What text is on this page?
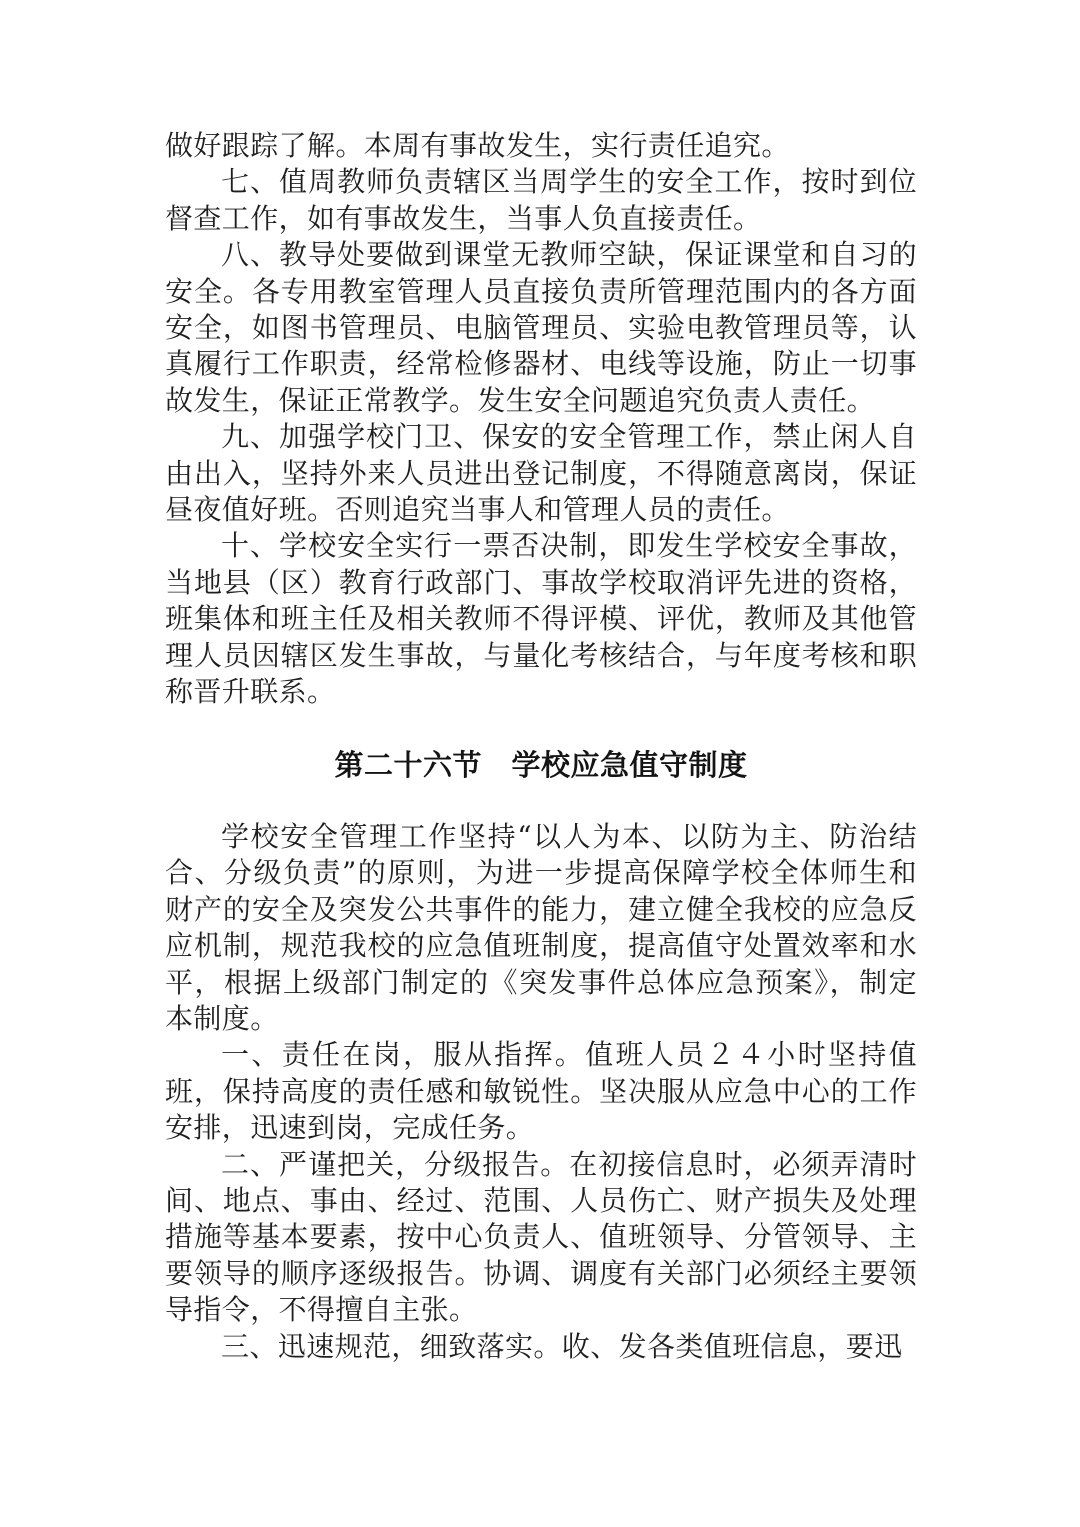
做好跟踪了解。本周有事故发生，实行责任追究。

七、值周教师负责辖区当周学生的安全工作，按时到位督查工作，如有事故发生，当事人负直接责任。

八、教导处要做到课堂无教师空缺，保证课堂和自习的安全。各专用教室管理人员直接负责所管理范围内的各方面安全，如图书管理员、电脑管理员、实验电教管理员等，认真履行工作职责，经常检修器材、电线等设施，防止一切事故发生，保证正常教学。发生安全问题追究负责人责任。

九、加强学校门卫、保安的安全管理工作，禁止闲人自由出入，坚持外来人员进出登记制度，不得随意离岗，保证昼夜值好班。否则追究当事人和管理人员的责任。

十、学校安全实行一票否决制，即发生学校安全事故，当地县（区）教育行政部门、事故学校取消评先进的资格，班集体和班主任及相关教师不得评模、评优，教师及其他管理人员因辖区发生事故，与量化考核结合，与年度考核和职称晋升联系。

第二十六节　学校应急值守制度

学校安全管理工作坚持“以人为本、以防为主、防治结合、分级负责”的原则，为进一步提高保障学校全体师生和财产的安全及突发公共事件的能力，建立健全我校的应急反应机制，规范我校的应急值班制度，提高值守处置效率和水平，根据上级部门制定的《突发事件总体应急预案》，制定本制度。

一、责任在岗，服从指挥。值班人员２４小时坚持值班，保持高度的责任感和敏锐性。坚决服从应急中心的工作安排，迅速到岗，完成任务。

二、严谨把关，分级报告。在初接信息时，必须弄清时间、地点、事由、经过、范围、人员伤亡、财产损失及处理措施等基本要素，按中心负责人、值班领导、分管领导、主要领导的顺序逐级报告。协调、调度有关部门必须经主要领导指令，不得擅自主张。

三、迅速规范，细致落实。收、发各类值班信息，要迅
